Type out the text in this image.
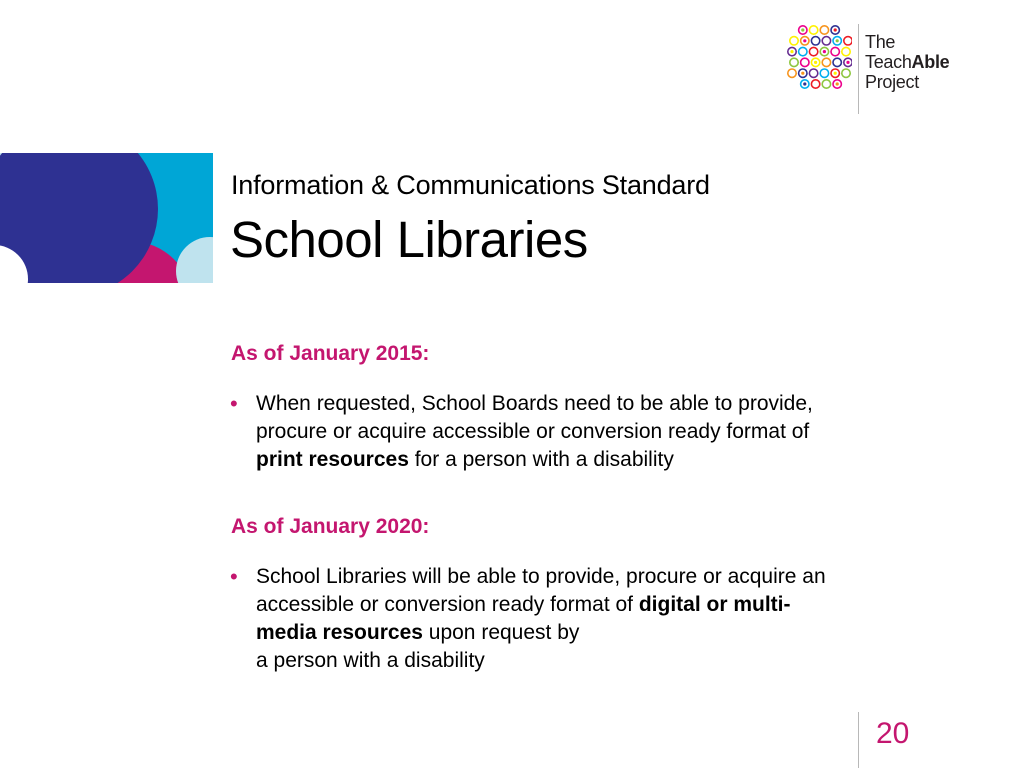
The
TeachAble
Project
Information & Communications Standard
School Libraries
As of January 2015:
• When requested, School Boards need to be able to provide,
procure or acquire accessible or conversion ready format of
print resources for a person with a disability
As of January 2020:
• School Libraries will be able to provide, procure or acquire an
accessible or conversion ready format of digital or multi-
media resources upon request by
a person with a disability
20
